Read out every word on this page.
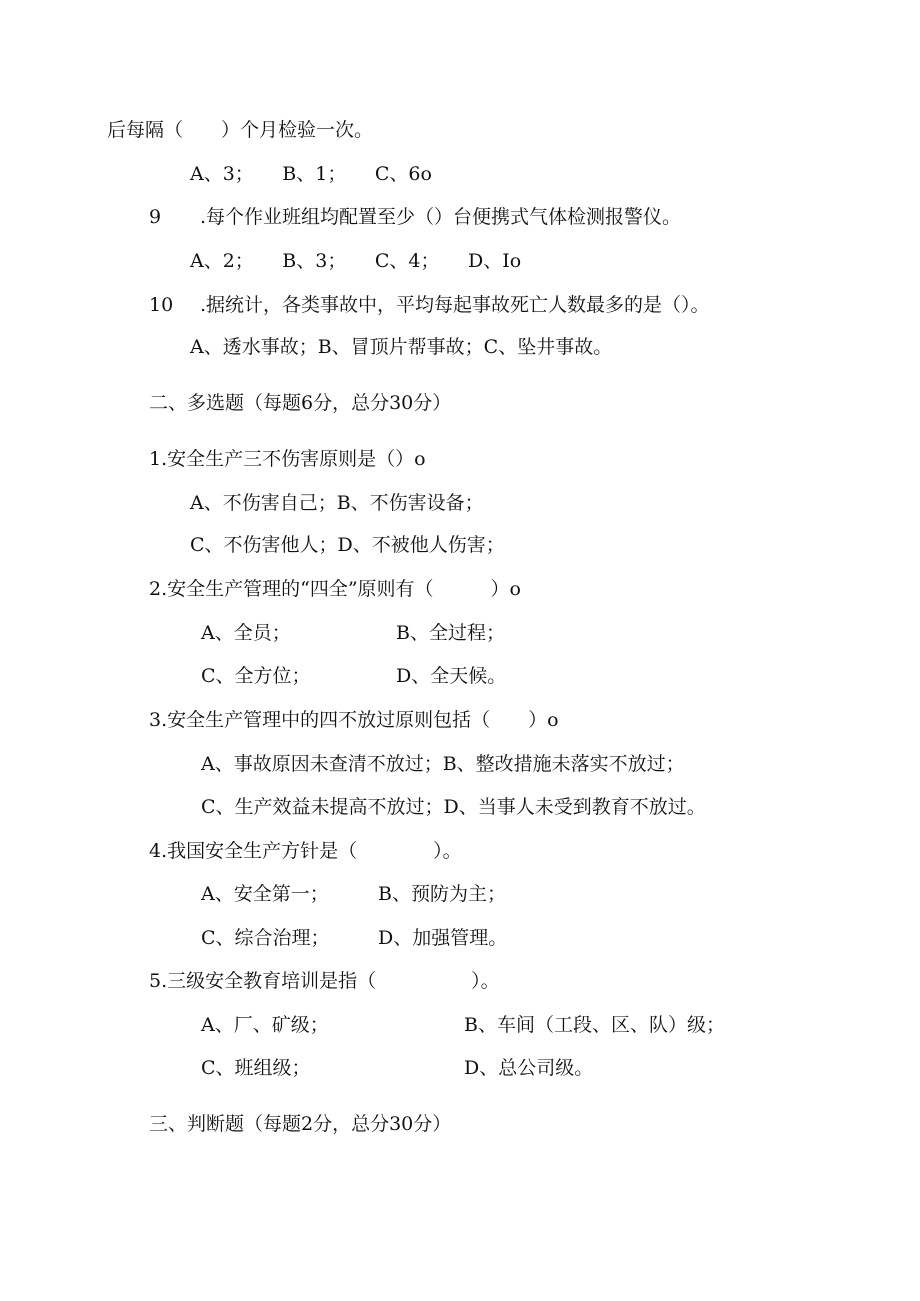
后每隔（　　）个月检验一次。
A、3；　　B、1；　　C、6o
9 .每个作业班组均配置至少（）台便携式气体检测报警仪。
A、2；　　B、3；　　C、4；　　D、Io
10 .据统计，各类事故中，平均每起事故死亡人数最多的是（）。
A、透水事故；B、冒顶片帮事故；C、坠井事故。
二、多选题（每题6分，总分30分）
1.安全生产三不伤害原则是（）o
A、不伤害自己；B、不伤害设备；
C、不伤害他人；D、不被他人伤害；
2.安全生产管理的“四全”原则有（　　　）o
A、全员；	B、全过程；
C、全方位；	D、全天候。
3.安全生产管理中的四不放过原则包括（　　）o
A、事故原因未查清不放过；B、整改措施未落实不放过；
C、生产效益未提高不放过；D、当事人未受到教育不放过。
4.我国安全生产方针是（　　　　）。
A、安全第一；	B、预防为主；
C、综合治理；	D、加强管理。
5.三级安全教育培训是指（　　　　　）。
A、厂、矿级；	B、车间（工段、区、队）级；
C、班组级；	D、总公司级。
三、判断题（每题2分，总分30分）
